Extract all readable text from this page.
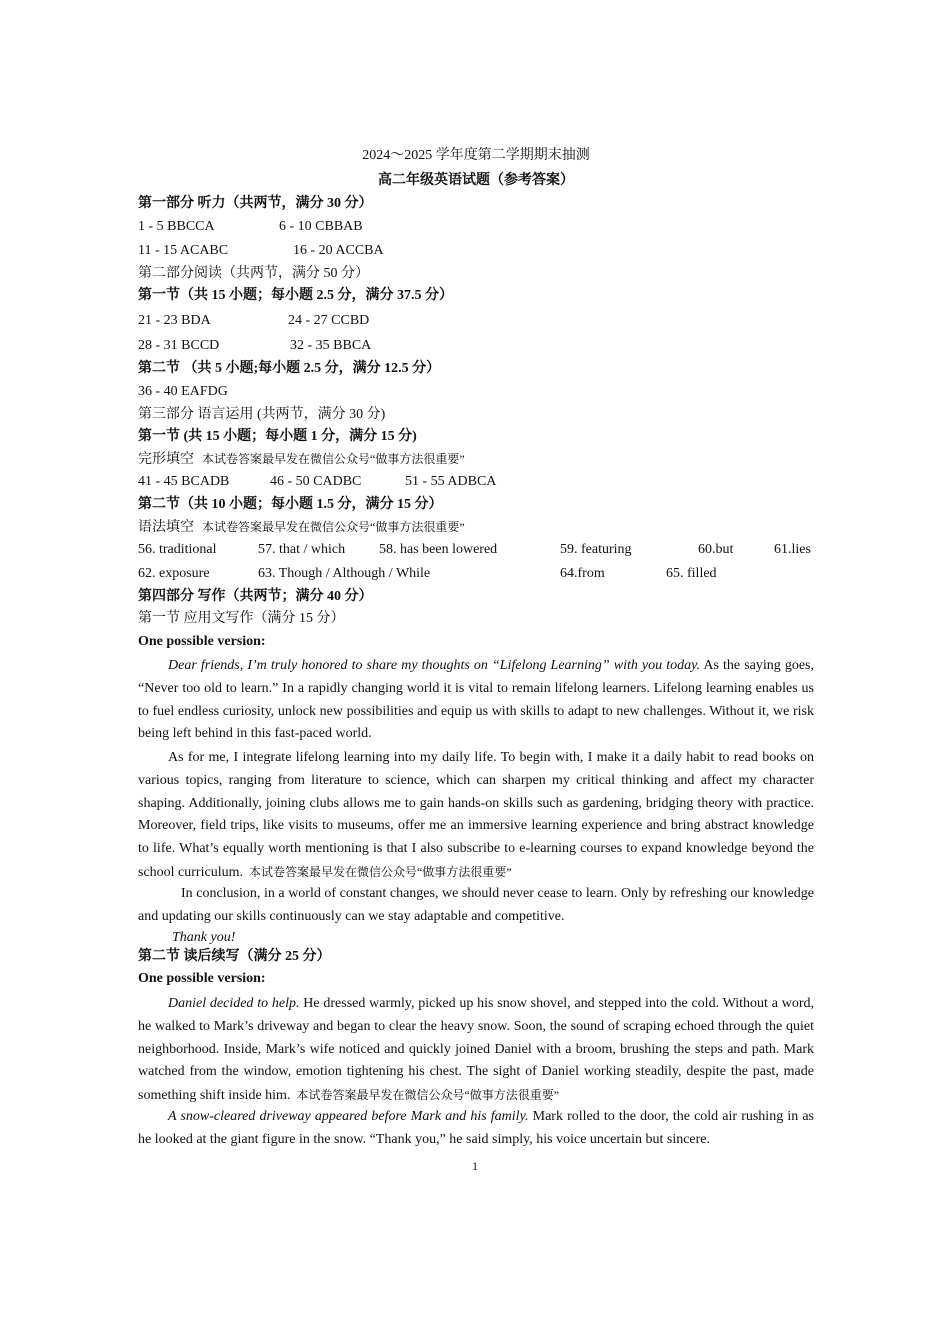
2024～2025 学年度第二学期期末抽测
高二年级英语试题（参考答案）
第一部分 听力（共两节，满分 30 分）
1 - 5 BBCCA	6 - 10 CBBAB
11 - 15 ACABC	16 - 20 ACCBA
第二部分阅读（共两节，满分 50 分）
第一节（共 15 小题；每小题 2.5 分，满分 37.5 分）
21 - 23 BDA	24 - 27 CCBD
28 - 31 BCCD	32 - 35 BBCA
第二节 （共 5 小题;每小题 2.5 分，满分 12.5 分）
36 - 40 EAFDG
第三部分 语言运用 (共两节，满分 30 分)
第一节 (共 15 小题；每小题 1 分，满分 15 分)
完形填空 本试卷答案最早发在微信公众号“做事方法很重要”
41 - 45 BCADB	46 - 50 CADBC	51 - 55 ADBCA
第二节（共 10 小题；每小题 1.5 分，满分 15 分）
语法填空 本试卷答案最早发在微信公众号“做事方法很重要”
56. traditional	57. that / which 58. has been lowered	59. featuring	60.but	61.lies
62. exposure	63. Though / Although / While	64.from	65. filled
第四部分 写作（共两节；满分 40 分）
第一节 应用文写作（满分 15 分）
One possible version:
Dear friends, I’m truly honored to share my thoughts on “Lifelong Learning” with you today. As the saying goes, “Never too old to learn.” In a rapidly changing world it is vital to remain lifelong learners. Lifelong learning enables us to fuel endless curiosity, unlock new possibilities and equip us with skills to adapt to new challenges. Without it, we risk being left behind in this fast-paced world.
As for me, I integrate lifelong learning into my daily life. To begin with, I make it a daily habit to read books on various topics, ranging from literature to science, which can sharpen my critical thinking and affect my character shaping. Additionally, joining clubs allows me to gain hands-on skills such as gardening, bridging theory with practice. Moreover, field trips, like visits to museums, offer me an immersive learning experience and bring abstract knowledge to life. What’s equally worth mentioning is that I also subscribe to e-learning courses to expand knowledge beyond the school curriculum. 本试卷答案最早发在微信公众号“做事方法很重要”
In conclusion, in a world of constant changes, we should never cease to learn. Only by refreshing our knowledge and updating our skills continuously can we stay adaptable and competitive.
Thank you!
第二节 读后续写（满分 25 分）
One possible version:
Daniel decided to help. He dressed warmly, picked up his snow shovel, and stepped into the cold. Without a word, he walked to Mark’s driveway and began to clear the heavy snow. Soon, the sound of scraping echoed through the quiet neighborhood. Inside, Mark’s wife noticed and quickly joined Daniel with a broom, brushing the steps and path. Mark watched from the window, emotion tightening his chest. The sight of Daniel working steadily, despite the past, made something shift inside him. 本试卷答案最早发在微信公众号“做事方法很重要”
A snow-cleared driveway appeared before Mark and his family. Mark rolled to the door, the cold air rushing in as he looked at the giant figure in the snow. “Thank you,” he said simply, his voice uncertain but sincere.
1
